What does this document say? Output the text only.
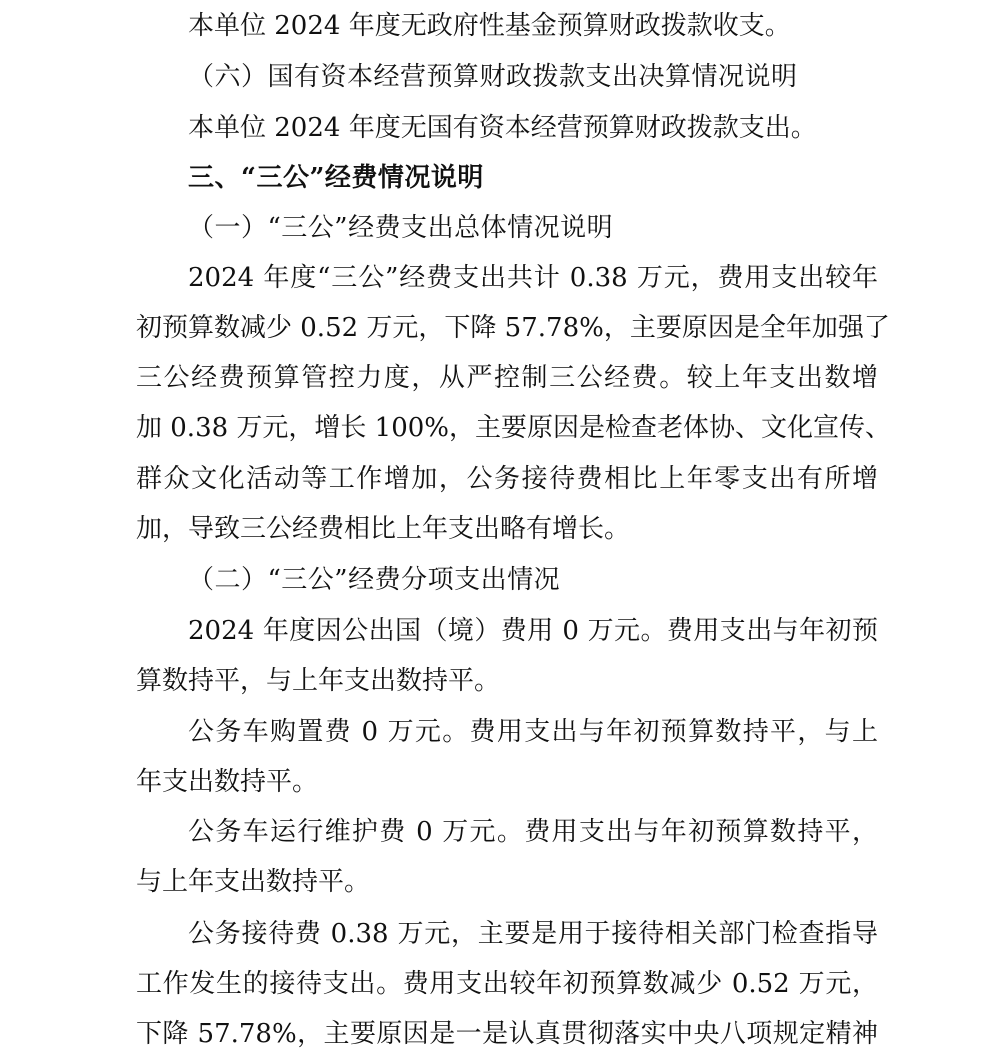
本单位 2024 年度无政府性基金预算财政拨款收支。
（六）国有资本经营预算财政拨款支出决算情况说明
本单位 2024 年度无国有资本经营预算财政拨款支出。
三、“三公”经费情况说明
（一）“三公”经费支出总体情况说明
2024 年度“三公”经费支出共计 0.38 万元，费用支出较年
初预算数减少 0.52 万元，下降 57.78%，主要原因是全年加强了
三公经费预算管控力度，从严控制三公经费。较上年支出数增
加 0.38 万元，增长 100%，主要原因是检查老体协、文化宣传、
群众文化活动等工作增加，公务接待费相比上年零支出有所增
加，导致三公经费相比上年支出略有增长。
（二）“三公”经费分项支出情况
2024 年度因公出国（境）费用 0 万元。费用支出与年初预
算数持平，与上年支出数持平。
公务车购置费 0 万元。费用支出与年初预算数持平，与上
年支出数持平。
公务车运行维护费 0 万元。费用支出与年初预算数持平，
与上年支出数持平。
公务接待费 0.38 万元，主要是用于接待相关部门检查指导
工作发生的接待支出。费用支出较年初预算数减少 0.52 万元，
下降 57.78%，主要原因是一是认真贯彻落实中央八项规定精神
